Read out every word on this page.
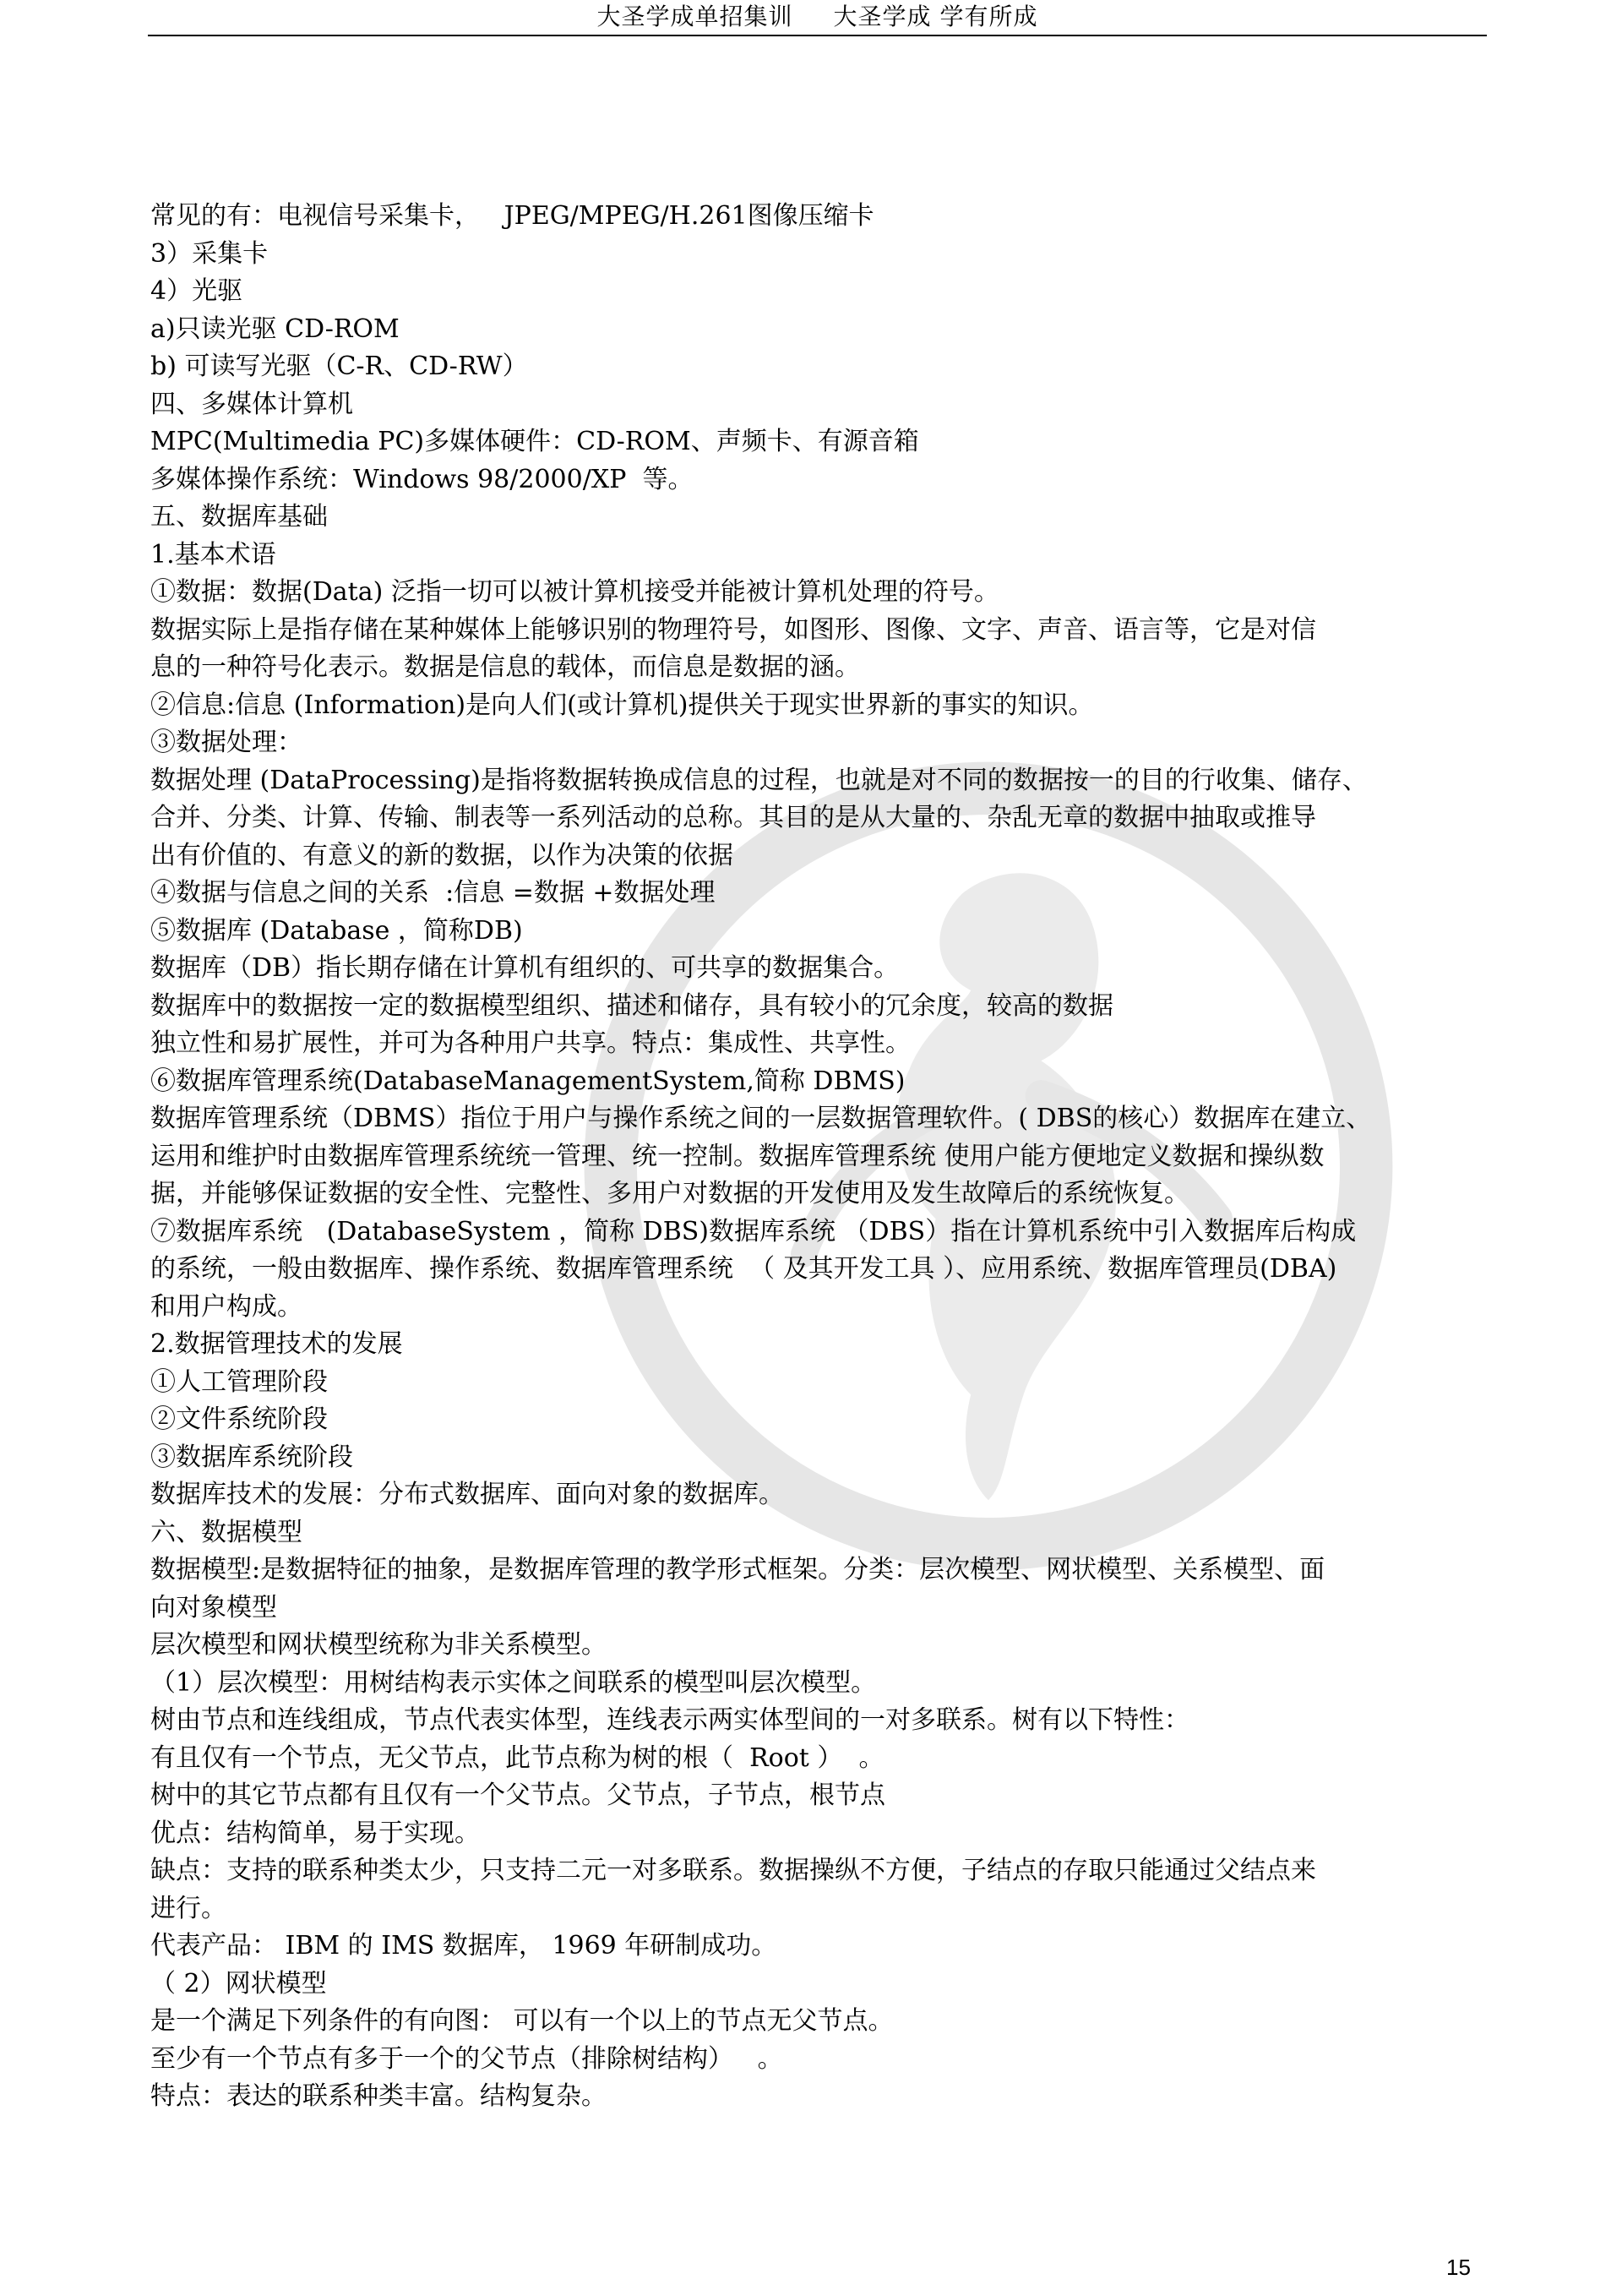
大圣学成单招集训 大圣学成 学有所成

常见的有：电视信号采集卡，   JPEG/MPEG/H.261图像压缩卡

3）采集卡

4）光驱

a)只读光驱 CD-ROM

b) 可读写光驱（C-R、CD-RW）

四、多媒体计算机

MPC(Multimedia PC)多媒体硬件：CD-ROM、声频卡、有源音箱

多媒体操作系统：Windows 98/2000/XP  等。

五、数据库基础

1.基本术语

①数据：数据(Data) 泛指一切可以被计算机接受并能被计算机处理的符号。

数据实际上是指存储在某种媒体上能够识别的物理符号，如图形、图像、文字、声音、语言等，它是对信

息的一种符号化表示。数据是信息的载体，而信息是数据的涵。

②信息:信息 (Information)是向人们(或计算机)提供关于现实世界新的事实的知识。

③数据处理：

数据处理 (DataProcessing)是指将数据转换成信息的过程，也就是对不同的数据按一的目的行收集、储存、

合并、分类、计算、传输、制表等一系列活动的总称。其目的是从大量的、杂乱无章的数据中抽取或推导

出有价值的、有意义的新的数据，以作为决策的依据

④数据与信息之间的关系  :信息 =数据 +数据处理

⑤数据库 (Database ，简称DB)

数据库（DB）指长期存储在计算机有组织的、可共享的数据集合。

数据库中的数据按一定的数据模型组织、描述和储存，具有较小的冗余度，较高的数据

独立性和易扩展性，并可为各种用户共享。特点：集成性、共享性。

⑥数据库管理系统(DatabaseManagementSystem,简称 DBMS)

数据库管理系统（DBMS）指位于用户与操作系统之间的一层数据管理软件。( DBS的核心）数据库在建立、

运用和维护时由数据库管理系统统一管理、统一控制。数据库管理系统 使用户能方便地定义数据和操纵数

据，并能够保证数据的安全性、完整性、多用户对数据的开发使用及发生故障后的系统恢复。

⑦数据库系统   (DatabaseSystem ，简称 DBS)数据库系统 （DBS）指在计算机系统中引入数据库后构成

的系统，一般由数据库、操作系统、数据库管理系统  （ 及其开发工具 ）、应用系统、数据库管理员(DBA)

和用户构成。

2.数据管理技术的发展

①人工管理阶段

②文件系统阶段

③数据库系统阶段

数据库技术的发展：分布式数据库、面向对象的数据库。

六、数据模型

数据模型:是数据特征的抽象，是数据库管理的教学形式框架。分类：层次模型、网状模型、关系模型、面

向对象模型

层次模型和网状模型统称为非关系模型。

（1）层次模型：用树结构表示实体之间联系的模型叫层次模型。

树由节点和连线组成，节点代表实体型，连线表示两实体型间的一对多联系。树有以下特性：

有且仅有一个节点，无父节点，此节点称为树的根（  Root ）  。

树中的其它节点都有且仅有一个父节点。父节点，子节点，根节点

优点：结构简单，易于实现。

缺点：支持的联系种类太少，只支持二元一对多联系。数据操纵不方便，子结点的存取只能通过父结点来

进行。

代表产品： IBM 的 IMS 数据库， 1969 年研制成功。

（ 2）网状模型

是一个满足下列条件的有向图： 可以有一个以上的节点无父节点。

至少有一个节点有多于一个的父节点（排除树结构）   。

特点：表达的联系种类丰富。结构复杂。

15
